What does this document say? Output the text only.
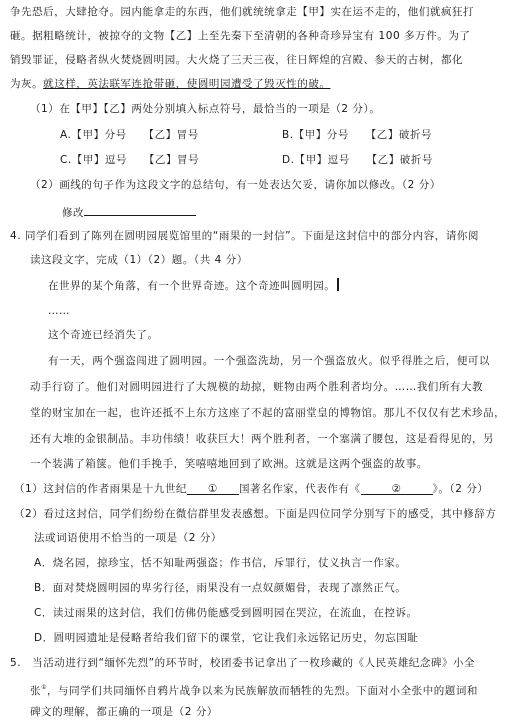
争先恐后，大肆抢夺。园内能拿走的东西，他们就统统拿走【甲】实在运不走的，他们就疯狂打
砸。据粗略统计，被掠夺的文物【乙】上至先秦下至清朝的各种奇珍异宝有 100 多万件。为了
销毁罪证，侵略者纵火焚烧圆明园。大火烧了三天三夜，往日辉煌的宫殿、参天的古树，都化
为灰。就这样，英法联军连抢带砸，使圆明园遭受了毁灭性的破。
（1）在【甲】【乙】两处分别填入标点符号，最恰当的一项是（2 分）。
A.【甲】分号　　【乙】冒号	B.【甲】分号　　【乙】破折号
C.【甲】逗号　　【乙】冒号	D.【甲】逗号　　【乙】破折号
（2）画线的句子作为这段文字的总结句，有一处表达欠妥，请你加以修改。（2 分）
修改
4. 同学们看到了陈列在圆明园展览馆里的“雨果的一封信”。下面是这封信中的部分内容，请你阅
读这段文字，完成（1）（2）题。（共 4 分）
在世界的某个角落，有一个世界奇迹。这个奇迹叫圆明园。
……
这个奇迹已经消失了。
有一天，两个强盗闯进了圆明园。一个强盗洗劫，另一个强盗放火。似乎得胜之后，便可以
动手行窃了。他们对圆明园进行了大规模的劫掠，赃物由两个胜利者均分。……我们所有大教
堂的财宝加在一起，也许还抵不上东方这座了不起的富丽堂皇的博物馆。那儿不仅仅有艺术珍品，
还有大堆的金银制品。丰功伟绩！收获巨大！两个胜利者，一个塞满了腰包，这是看得见的，另
一个装满了箱箧。他们手挽手，笑嘻嘻地回到了欧洲。这就是这两个强盗的故事。
（1）这封信的作者雨果是十九世纪 ① 国著名作家，代表作有《	②	》。（2 分）
（2）看过这封信，同学们纷纷在微信群里发表感想。下面是四位同学分别写下的感受，其中修辞方
法或词语使用不恰当的一项是（2 分）
A．烧名园，掠珍宝，恬不知耻两强盗；作书信，斥罪行，仗义执言一作家。
B．面对焚烧圆明园的卑劣行径，雨果没有一点奴颜媚骨，表现了凛然正气。
C．读过雨果的这封信，我们仿佛仍能感受到圆明园在哭泣，在流血，在控诉。
D．圆明园遗址是侵略者给我们留下的课堂，它让我们永远铭记历史，勿忘国耻
5.　当活动进行到“缅怀先烈”的环节时，校团委书记拿出了一枚珍藏的《人民英雄纪念碑》小全
张①，与同学们共同缅怀自鸦片战争以来为民族解放而牺牲的先烈。下面对小全张中的题词和
碑文的理解，都正确的一项是（2 分）
